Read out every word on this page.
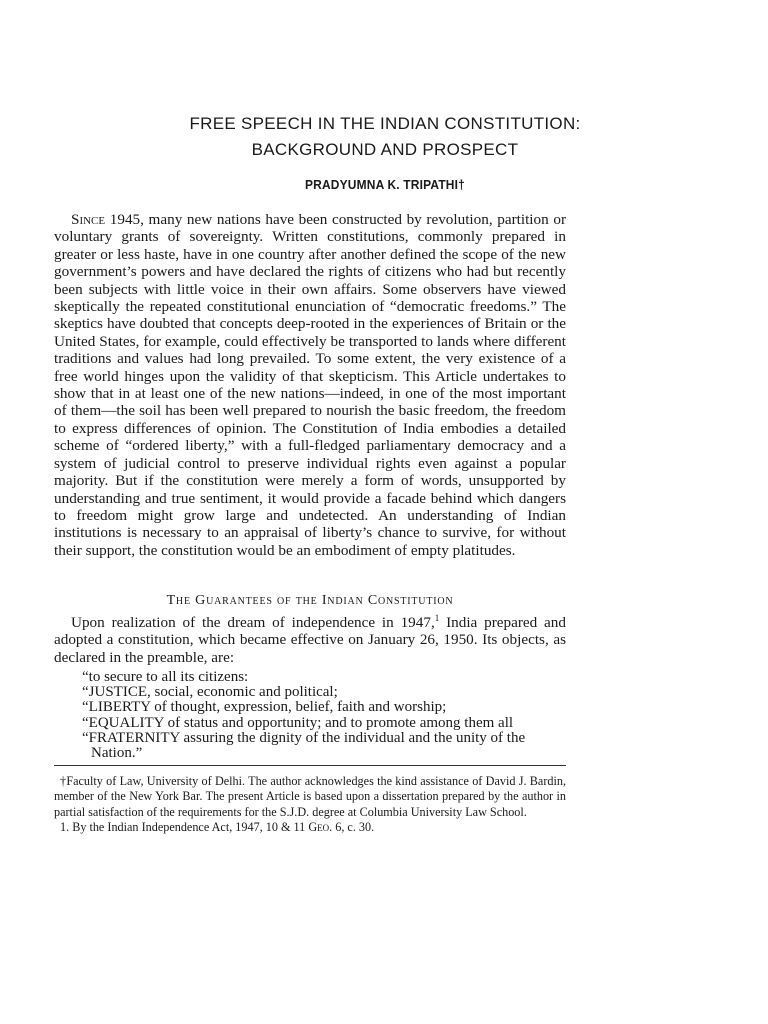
FREE SPEECH IN THE INDIAN CONSTITUTION:
BACKGROUND AND PROSPECT
PRADYUMNA K. TRIPATHI†

Since 1945, many new nations have been constructed by revolution, partition or voluntary grants of sovereignty. Written constitutions, commonly prepared in greater or less haste, have in one country after another defined the scope of the new government’s powers and have declared the rights of citizens who had but recently been subjects with little voice in their own affairs. Some observers have viewed skeptically the repeated constitutional enunciation of “democratic freedoms.” The skeptics have doubted that concepts deep-rooted in the experiences of Britain or the United States, for example, could effectively be transported to lands where different traditions and values had long prevailed. To some extent, the very existence of a free world hinges upon the validity of that skepticism. This Article undertakes to show that in at least one of the new nations—indeed, in one of the most important of them—the soil has been well prepared to nourish the basic freedom, the freedom to express differences of opinion. The Constitution of India embodies a detailed scheme of “ordered liberty,” with a full-fledged parliamentary democracy and a system of judicial control to preserve individual rights even against a popular majority. But if the constitution were merely a form of words, unsupported by understanding and true sentiment, it would provide a facade behind which dangers to freedom might grow large and undetected. An understanding of Indian institutions is necessary to an appraisal of liberty’s chance to survive, for without their support, the constitution would be an embodiment of empty platitudes.

The Guarantees of the Indian Constitution

Upon realization of the dream of independence in 1947,$^1$ India prepared and adopted a constitution, which became effective on January 26, 1950. Its objects, as declared in the preamble, are:

“to secure to all its citizens:
“JUSTICE, social, economic and political;
“LIBERTY of thought, expression, belief, faith and worship;
“EQUALITY of status and opportunity; and to promote among them all
“FRATERNITY assuring the dignity of the individual and the unity of the Nation.”

†Faculty of Law, University of Delhi. The author acknowledges the kind assistance of David J. Bardin, member of the New York Bar. The present Article is based upon a dissertation prepared by the author in partial satisfaction of the requirements for the S.J.D. degree at Columbia University Law School.

1. By the Indian Independence Act, 1947, 10 & 11 Geo. 6, c. 30.
